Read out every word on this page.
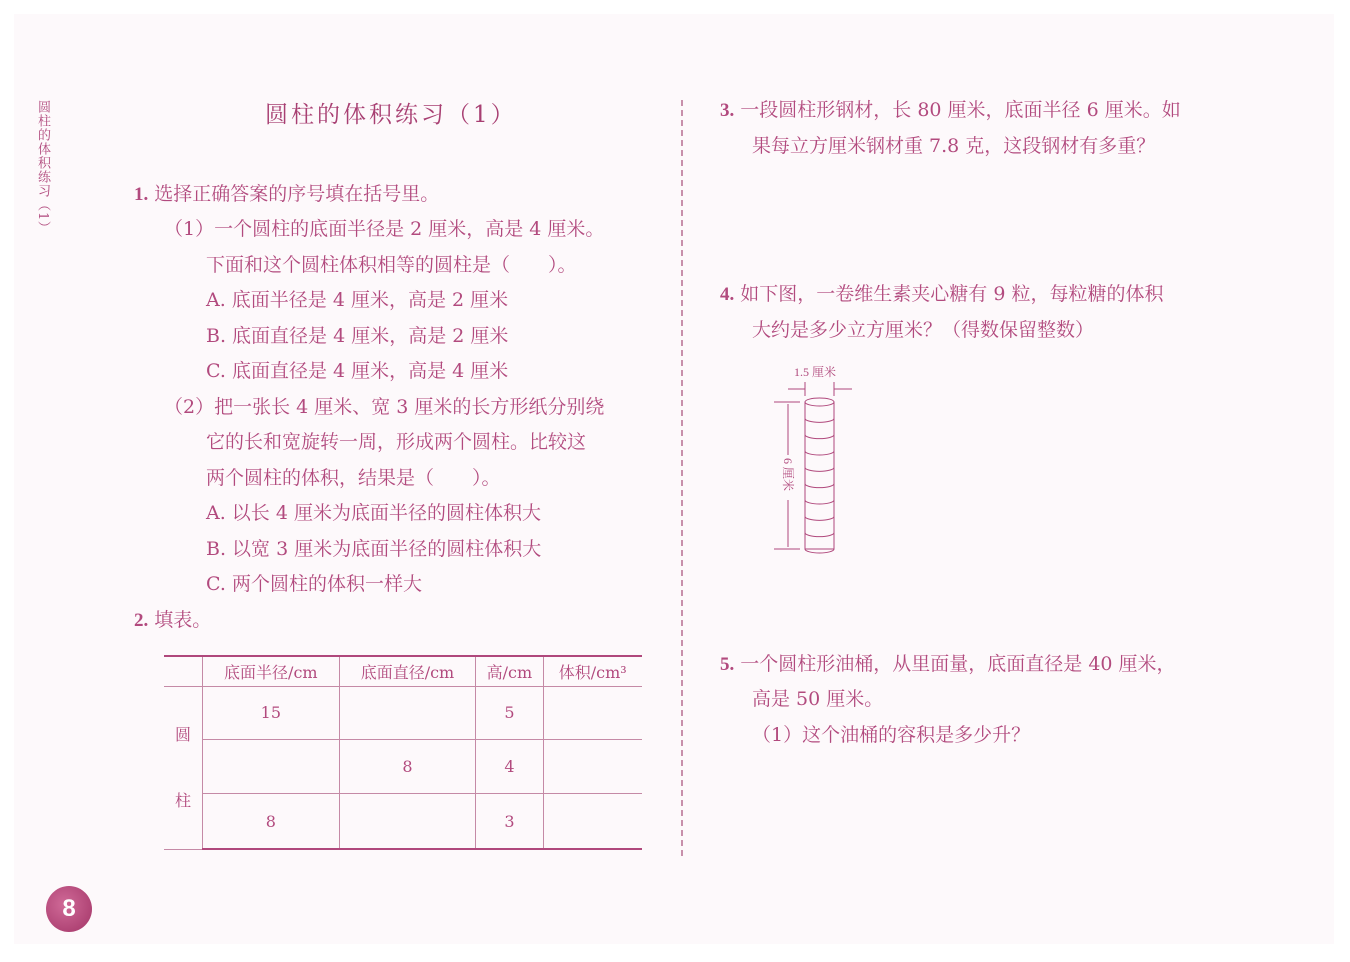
圆柱的体积练习（1）	圆柱的体积练习（1）
1. 选择正确答案的序号填在括号里。
（1）一个圆柱的底面半径是 2 厘米，高是 4 厘米。
下面和这个圆柱体积相等的圆柱是（　　）。
A. 底面半径是 4 厘米，高是 2 厘米
B. 底面直径是 4 厘米，高是 2 厘米
C. 底面直径是 4 厘米，高是 4 厘米
（2）把一张长 4 厘米、宽 3 厘米的长方形纸分别绕
它的长和宽旋转一周，形成两个圆柱。比较这
两个圆柱的体积，结果是（　　）。
A. 以长 4 厘米为底面半径的圆柱体积大
B. 以宽 3 厘米为底面半径的圆柱体积大
C. 两个圆柱的体积一样大
2. 填表。
	底面半径/cm	底面直径/cm	高/cm	体积/cm³
圆
柱	15		5	
		8	4	
	8		3	
3. 一段圆柱形钢材，长 80 厘米，底面半径 6 厘米。如
果每立方厘米钢材重 7.8 克，这段钢材有多重？
4. 如下图，一卷维生素夹心糖有 9 粒，每粒糖的体积
大约是多少立方厘米？（得数保留整数）
1.5 厘米
6 厘米
5. 一个圆柱形油桶，从里面量，底面直径是 40 厘米，
高是 50 厘米。
（1）这个油桶的容积是多少升？
8
